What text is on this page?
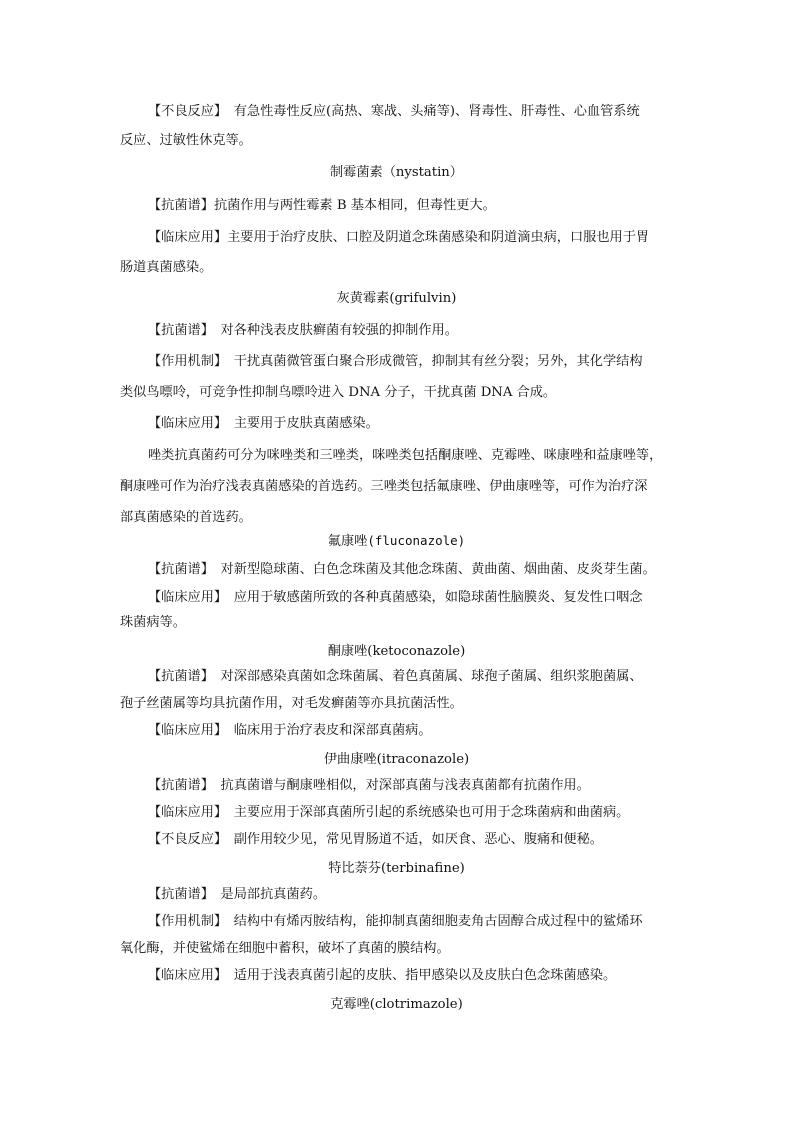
【不良反应】　有急性毒性反应(高热、寒战、头痛等)、肾毒性、肝毒性、心血管系统
反应、过敏性休克等。
制霉菌素（nystatin）
【抗菌谱】抗菌作用与两性霉素 B 基本相同，但毒性更大。
【临床应用】主要用于治疗皮肤、口腔及阴道念珠菌感染和阴道滴虫病，口服也用于胃
肠道真菌感染。
灰黄霉素(grifulvin)
【抗菌谱】　对各种浅表皮肤癣菌有较强的抑制作用。
【作用机制】　干扰真菌微管蛋白聚合形成微管，抑制其有丝分裂；另外，其化学结构
类似鸟嘌呤，可竞争性抑制鸟嘌呤进入 DNA 分子，干扰真菌 DNA 合成。
【临床应用】　主要用于皮肤真菌感染。
唑类抗真菌药可分为咪唑类和三唑类，咪唑类包括酮康唑、克霉唑、咪康唑和益康唑等，
酮康唑可作为治疗浅表真菌感染的首选药。三唑类包括氟康唑、伊曲康唑等，可作为治疗深
部真菌感染的首选药。
氟康唑(fluconazole)
【抗菌谱】　对新型隐球菌、白色念珠菌及其他念珠菌、黄曲菌、烟曲菌、皮炎芽生菌。
【临床应用】　应用于敏感菌所致的各种真菌感染，如隐球菌性脑膜炎、复发性口咽念
珠菌病等。
酮康唑(ketoconazole)
【抗菌谱】　对深部感染真菌如念珠菌属、着色真菌属、球孢子菌属、组织浆胞菌属、
孢子丝菌属等均具抗菌作用，对毛发癣菌等亦具抗菌活性。
【临床应用】　临床用于治疗表皮和深部真菌病。
伊曲康唑(itraconazole)
【抗菌谱】　抗真菌谱与酮康唑相似，对深部真菌与浅表真菌都有抗菌作用。
【临床应用】　主要应用于深部真菌所引起的系统感染也可用于念珠菌病和曲菌病。
【不良反应】　副作用较少见，常见胃肠道不适，如厌食、恶心、腹痛和便秘。
特比萘芬(terbinafine)
【抗菌谱】　是局部抗真菌药。
【作用机制】　结构中有烯丙胺结构，能抑制真菌细胞麦角古固醇合成过程中的鲨烯环
氧化酶，并使鲨烯在细胞中蓄积，破坏了真菌的膜结构。
【临床应用】　适用于浅表真菌引起的皮肤、指甲感染以及皮肤白色念珠菌感染。
克霉唑(clotrimazole)
